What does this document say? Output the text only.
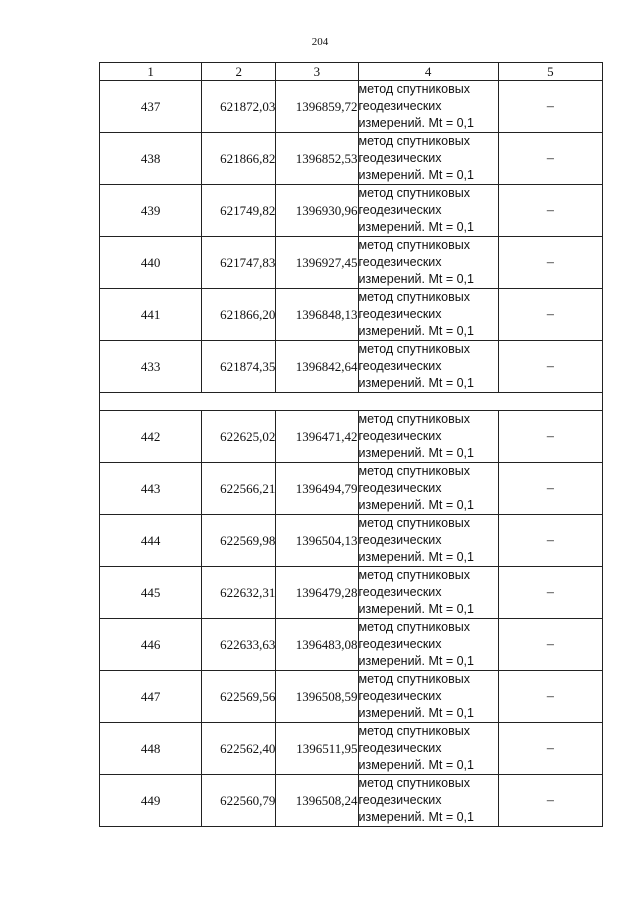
204
1	2	3	4	5
437	621872,03	1396859,72	метод спутниковых
геодезических
измерений. Mt = 0,1	–
438	621866,82	1396852,53	метод спутниковых
геодезических
измерений. Mt = 0,1	–
439	621749,82	1396930,96	метод спутниковых
геодезических
измерений. Mt = 0,1	–
440	621747,83	1396927,45	метод спутниковых
геодезических
измерений. Mt = 0,1	–
441	621866,20	1396848,13	метод спутниковых
геодезических
измерений. Mt = 0,1	–
433	621874,35	1396842,64	метод спутниковых
геодезических
измерений. Mt = 0,1	–

442	622625,02	1396471,42	метод спутниковых
геодезических
измерений. Mt = 0,1	–
443	622566,21	1396494,79	метод спутниковых
геодезических
измерений. Mt = 0,1	–
444	622569,98	1396504,13	метод спутниковых
геодезических
измерений. Mt = 0,1	–
445	622632,31	1396479,28	метод спутниковых
геодезических
измерений. Mt = 0,1	–
446	622633,63	1396483,08	метод спутниковых
геодезических
измерений. Mt = 0,1	–
447	622569,56	1396508,59	метод спутниковых
геодезических
измерений. Mt = 0,1	–
448	622562,40	1396511,95	метод спутниковых
геодезических
измерений. Mt = 0,1	–
449	622560,79	1396508,24	метод спутниковых
геодезических
измерений. Mt = 0,1	–
